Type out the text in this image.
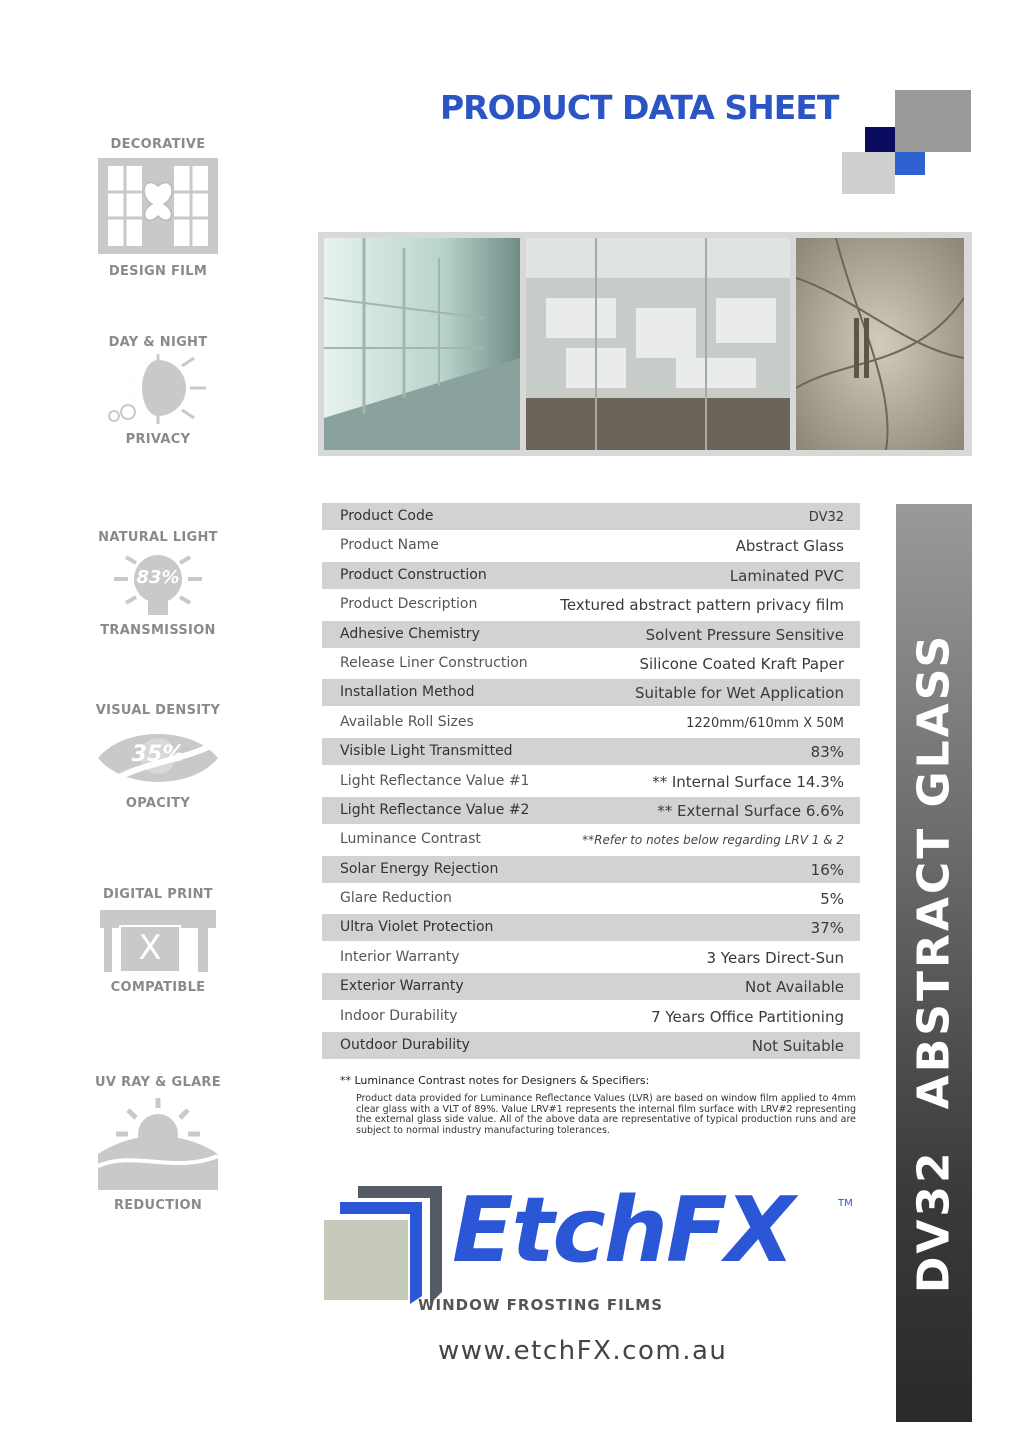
PRODUCT DATA SHEET
DECORATIVE
DESIGN FILM
DAY & NIGHT
PRIVACY
NATURAL LIGHT
83%
TRANSMISSION
VISUAL DENSITY
35%
OPACITY
DIGITAL PRINT
X
COMPATIBLE
UV RAY & GLARE
REDUCTION
Product Code	DV32
Product Name	Abstract Glass
Product Construction	Laminated PVC
Product Description	Textured abstract pattern privacy film
Adhesive Chemistry	Solvent Pressure Sensitive
Release Liner Construction	Silicone Coated Kraft Paper
Installation Method	Suitable for Wet Application
Available Roll Sizes	1220mm/610mm X 50M
Visible Light Transmitted	83%
Light Reflectance Value #1	** Internal Surface 14.3%
Light Reflectance Value #2	** External Surface 6.6%
Luminance Contrast	**Refer to notes below regarding LRV 1 & 2
Solar Energy Rejection	16%
Glare Reduction	5%
Ultra Violet Protection	37%
Interior Warranty	3 Years Direct-Sun
Exterior Warranty	Not Available
Indoor Durability	7 Years Office Partitioning
Outdoor Durability	Not Suitable
DV32ABSTRACT GLASS
** Luminance Contrast notes for Designers & Specifiers:
Product data provided for Luminance Reflectance Values (LVR) are based on window film applied to 4mm clear glass with a VLT of 89%. Value LRV#1 represents the internal film surface with LRV#2 representing the external glass side value. All of the above data are representative of typical production runs and are subject to normal industry manufacturing tolerances.
EtchFX	TM
WINDOW FROSTING FILMS
www.etchFX.com.au
